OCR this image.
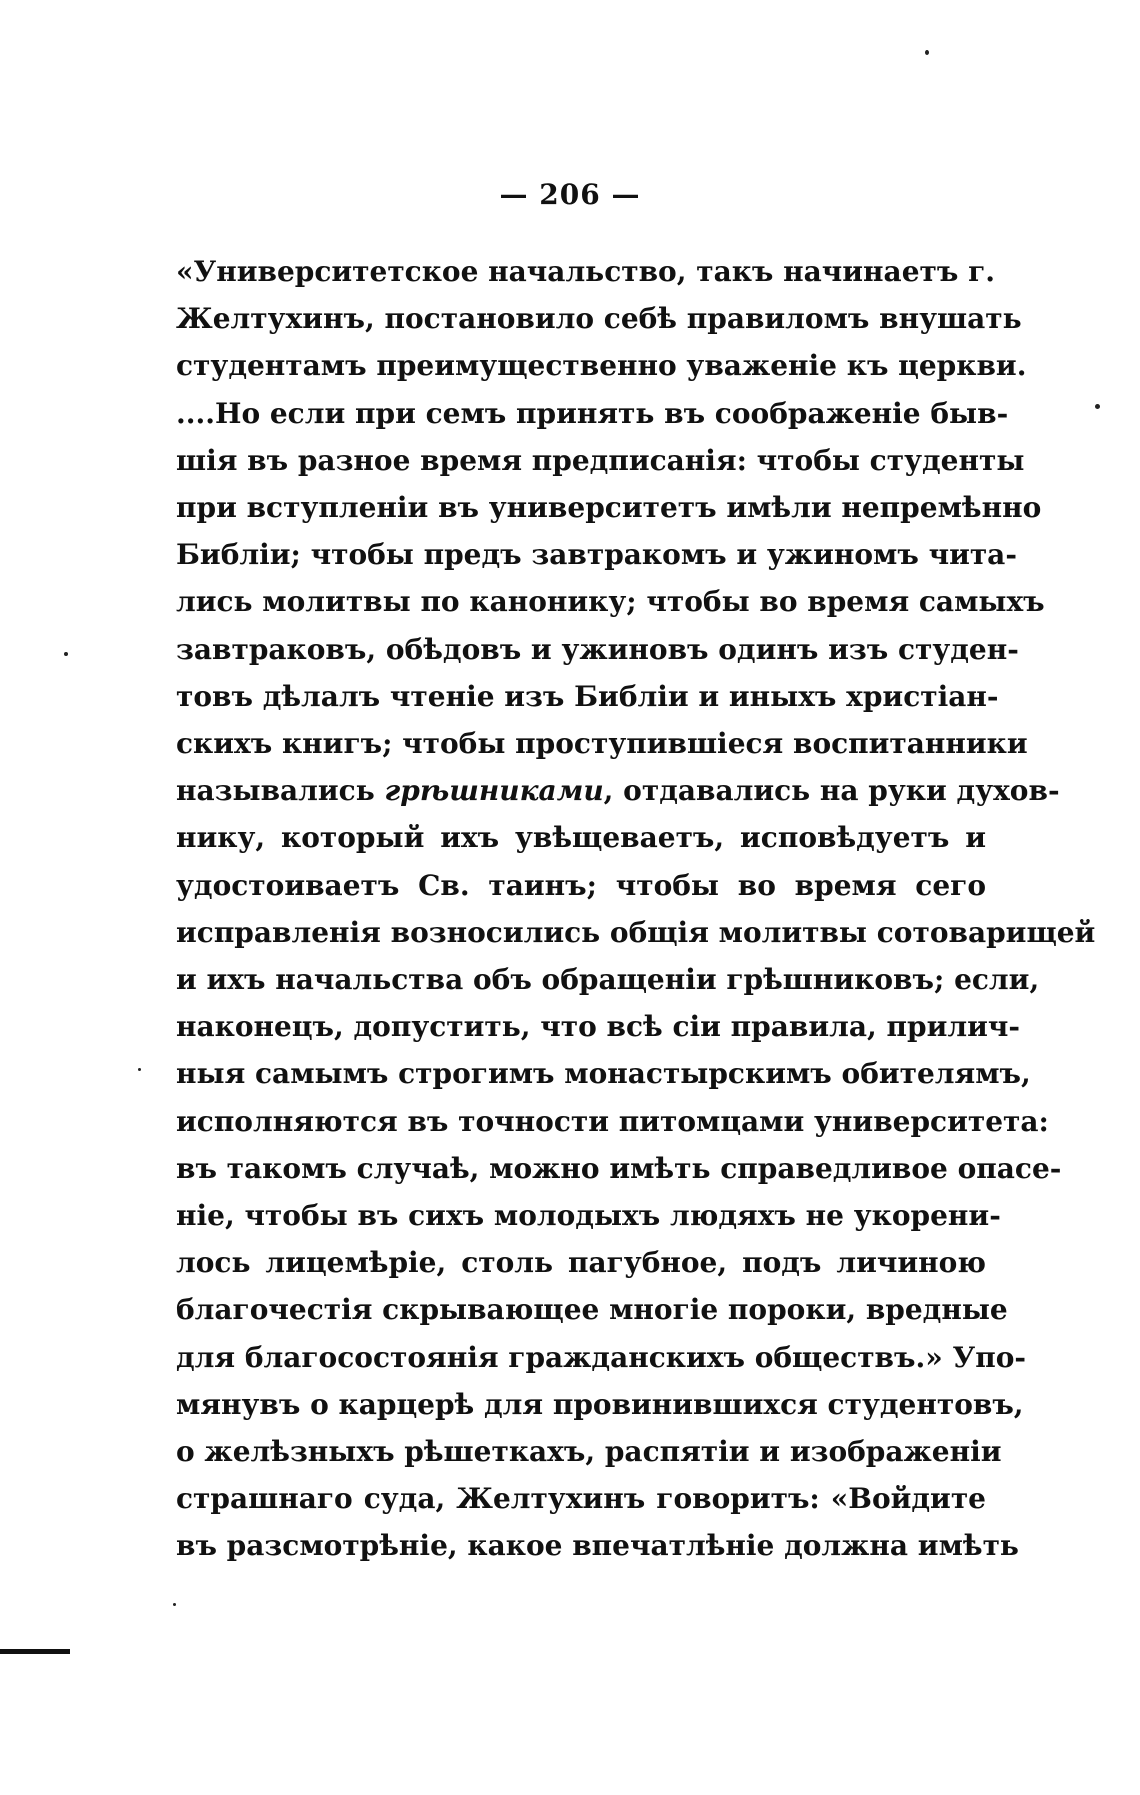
— 206 —
«Университетское начальство, такъ начинаетъ г.
Желтухинъ, постановило себѣ правиломъ внушать
студентамъ преимущественно уваженіе къ церкви.
....Но если при семъ принять въ соображеніе быв-
шія въ разное время предписанія: чтобы студенты
при вступленіи въ университетъ имѣли непремѣнно
Библіи; чтобы предъ завтракомъ и ужиномъ чита-
лись молитвы по канонику; чтобы во время самыхъ
завтраковъ, обѣдовъ и ужиновъ одинъ изъ студен-
товъ дѣлалъ чтеніе изъ Библіи и иныхъ христіан-
скихъ книгъ; чтобы проступившіеся воспитанники
назывались грѣшниками, отдавались на руки духов-
нику, который ихъ увѣщеваетъ, исповѣдуетъ и
удостоиваетъ Св. таинъ; чтобы во время сего
исправленія возносились общія молитвы сотоварищей
и ихъ начальства объ обращеніи грѣшниковъ; если,
наконецъ, допустить, что всѣ сіи правила, прилич-
ныя самымъ строгимъ монастырскимъ обителямъ,
исполняются въ точности питомцами университета:
въ такомъ случаѣ, можно имѣть справедливое опасе-
ніе, чтобы въ сихъ молодыхъ людяхъ не укорени-
лось лицемѣріе, столь пагубное, подъ личиною
благочестія скрывающее многіе пороки, вредные
для благосостоянія гражданскихъ обществъ.» Упо-
мянувъ о карцерѣ для провинившихся студентовъ,
о желѣзныхъ рѣшеткахъ, распятіи и изображеніи
страшнаго суда, Желтухинъ говоритъ: «Войдите
въ разсмотрѣніе, какое впечатлѣніе должна имѣть
